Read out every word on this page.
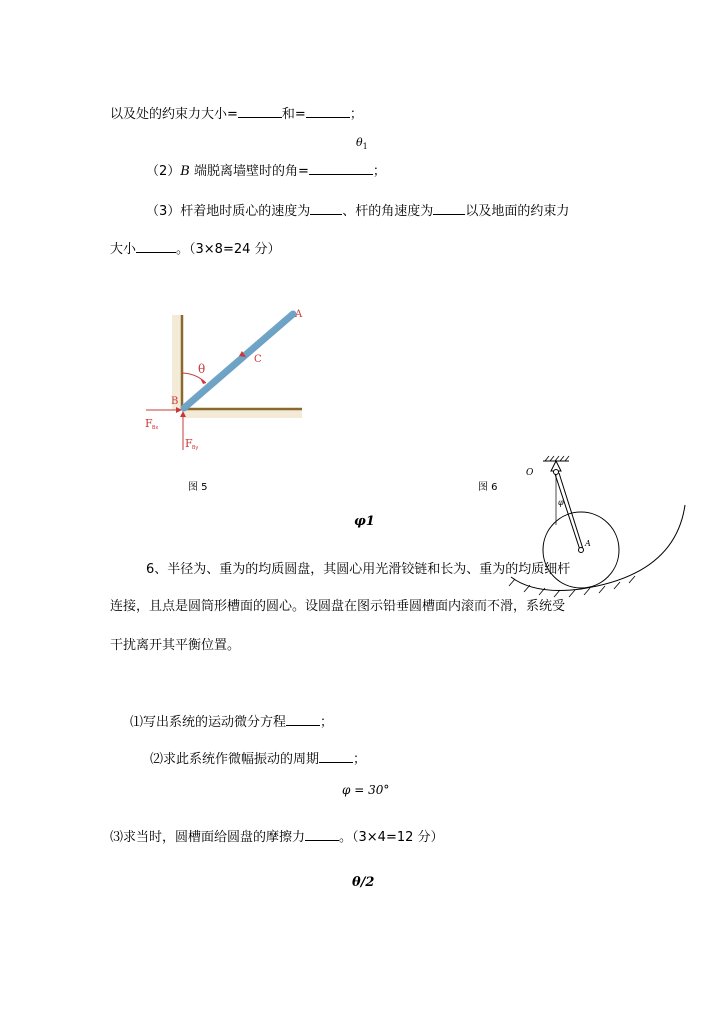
以及处的约束力大小=	和=	；
$\theta_1$
（2）B 端脱离墙壁时的角=	；
（3）杆着地时质心的速度为 、杆的角速度为 以及地面的约束力
大小	。（3×8=24 分）
A
C
B
θ
F Bx
F By
图 5
O
A
φ
图 6
φ1
6、半径为、重为的均质圆盘，其圆心用光滑铰链和长为、重为的均质细杆
连接，且点是圆筒形槽面的圆心。设圆盘在图示铅垂圆槽面内滚而不滑，系统受
干扰离开其平衡位置。
⑴写出系统的运动微分方程	；
⑵求此系统作微幅振动的周期	；
φ = 30°
⑶求当时，圆槽面给圆盘的摩擦力	。（3×4=12 分）
θ/2
